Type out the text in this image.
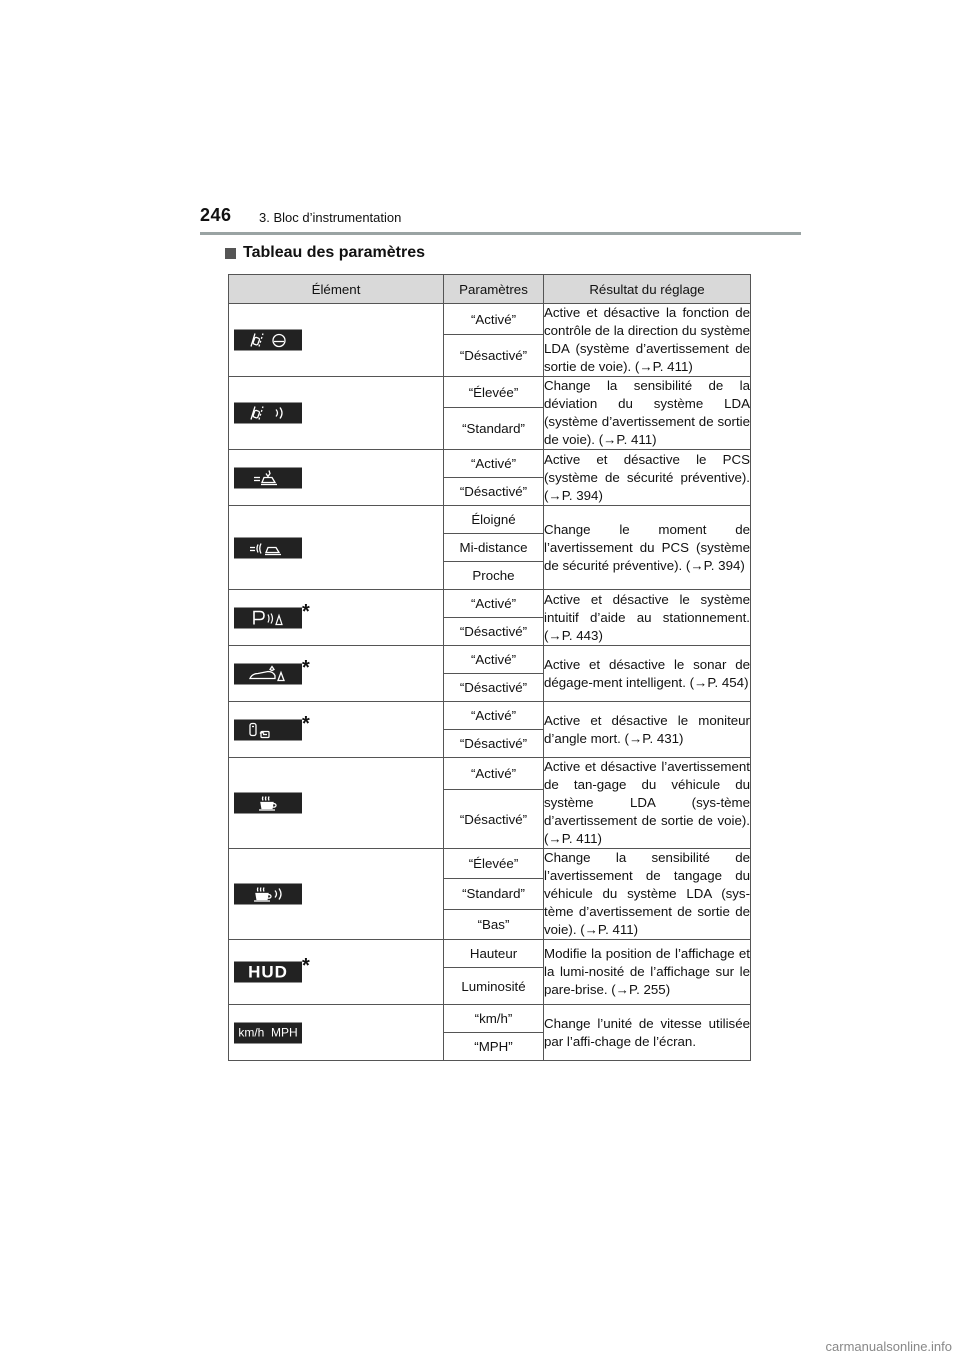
246 3. Bloc d’instrumentation
Tableau des paramètres
Élément	Paramètres	Résultat du réglage

	“Activé”	Active et désactive la fonction de contrôle de la direction du système LDA (système d’avertissement de sortie de voie). (→P. 411)
	“Désactivé”	

	“Élevée”	Change la sensibilité de la déviation du système LDA (système d’avertissement de sortie de voie). (→P. 411)
	“Standard”	

	“Activé”	Active et désactive le PCS (système de sécurité préventive). (→P. 394)
	“Désactivé”	

	Éloigné	Change le moment de l’avertissement du PCS (système de sécurité préventive). (→P. 394)
	Mi-distance	
	Proche	

*	“Activé”	Active et désactive le système intuitif d’aide au stationnement. (→P. 443)
	“Désactivé”	

*	“Activé”	Active et désactive le sonar de dégage-ment intelligent. (→P. 454)
	“Désactivé”	

*	“Activé”	Active et désactive le moniteur d’angle mort. (→P. 431)
	“Désactivé”	

	“Activé”	Active et désactive l’avertissement de tan-gage du véhicule du système LDA (sys-tème d’avertissement de sortie de voie). (→P. 411)
	“Désactivé”	

	“Élevée”	Change la sensibilité de l’avertissement de tangage du véhicule du système LDA (sys-tème d’avertissement de sortie de voie). (→P. 411)
	“Standard”	
	“Bas”	

HUD *	Hauteur	Modifie la position de l’affichage et la lumi-nosité de l’affichage sur le pare-brise. (→P. 255)
	Luminosité	

km/h  MPH	“km/h”	Change l’unité de vitesse utilisée par l’affi-chage de l’écran.
	“MPH”	
carmanualsonline.info
